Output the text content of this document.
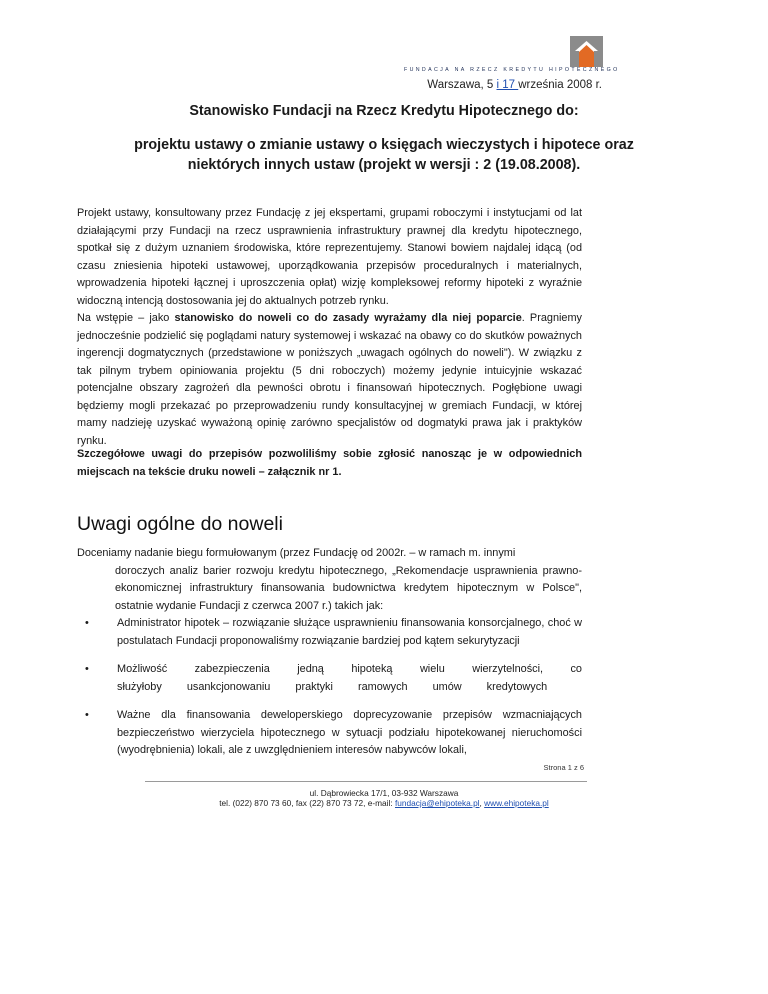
FUNDACJA NA RZECZ KREDYTU HIPOTECZNEGO
Warszawa, 5 i 17 września 2008 r.
Stanowisko Fundacji na Rzecz Kredytu Hipotecznego do:
projektu ustawy o zmianie ustawy o księgach wieczystych i hipotece oraz
niektórych innych ustaw (projekt w wersji : 2 (19.08.2008).
Projekt ustawy, konsultowany przez Fundację z jej ekspertami, grupami roboczymi i instytucjami od lat działającymi przy Fundacji na rzecz usprawnienia infrastruktury prawnej dla kredytu hipotecznego, spotkał się z dużym uznaniem środowiska, które reprezentujemy. Stanowi bowiem najdalej idącą (od czasu zniesienia hipoteki ustawowej, uporządkowania przepisów proceduralnych i materialnych, wprowadzenia hipoteki łącznej i uproszczenia opłat) wizję kompleksowej reformy hipoteki z wyraźnie widoczną intencją dostosowania jej do aktualnych potrzeb rynku.
Na wstępie – jako stanowisko do noweli co do zasady wyrażamy dla niej poparcie. Pragniemy jednocześnie podzielić się poglądami natury systemowej i wskazać na obawy co do skutków poważnych ingerencji dogmatycznych (przedstawione w poniższych „uwagach ogólnych do noweli"). W związku z tak pilnym trybem opiniowania projektu (5 dni roboczych) możemy jedynie intuicyjnie wskazać potencjalne obszary zagrożeń dla pewności obrotu i finansowań hipotecznych. Pogłębione uwagi będziemy mogli przekazać po przeprowadzeniu rundy konsultacyjnej w gremiach Fundacji, w której mamy nadzieję uzyskać wyważoną opinię zarówno specjalistów od dogmatyki prawa jak i praktyków rynku.
Szczegółowe uwagi do przepisów pozwoliliśmy sobie zgłosić nanosząc je w odpowiednich miejscach na tekście druku noweli – załącznik nr 1.
Uwagi ogólne do noweli
Doceniamy nadanie biegu formułowanym (przez Fundację od 2002r. – w ramach m. innymi
doroczych analiz barier rozwoju kredytu hipotecznego, „Rekomendacje usprawnienia prawno-ekonomicznej infrastruktury finansowania budownictwa kredytem hipotecznym w Polsce", ostatnie wydanie Fundacji z czerwca 2007 r.) takich jak:
•	Administrator hipotek – rozwiązanie służące usprawnieniu finansowania konsorcjalnego, choć w postulatach Fundacji proponowaliśmy rozwiązanie bardziej pod kątem sekurytyzacji
•	Możliwość zabezpieczenia jedną hipoteką wielu wierzytelności, co służyłoby usankcjonowaniu praktyki ramowych umów kredytowych
•	Ważne dla finansowania deweloperskiego doprecyzowanie przepisów wzmacniających bezpieczeństwo wierzyciela hipotecznego w sytuacji podziału hipotekowanej nieruchomości (wyodrębnienia) lokali, ale z uwzględnieniem interesów nabywców lokali,
Strona 1 z 6
ul. Dąbrowiecka 17/1, 03-932 Warszawa
tel. (022) 870 73 60, fax (22) 870 73 72, e-mail: fundacja@ehipoteka.pl, www.ehipoteka.pl
